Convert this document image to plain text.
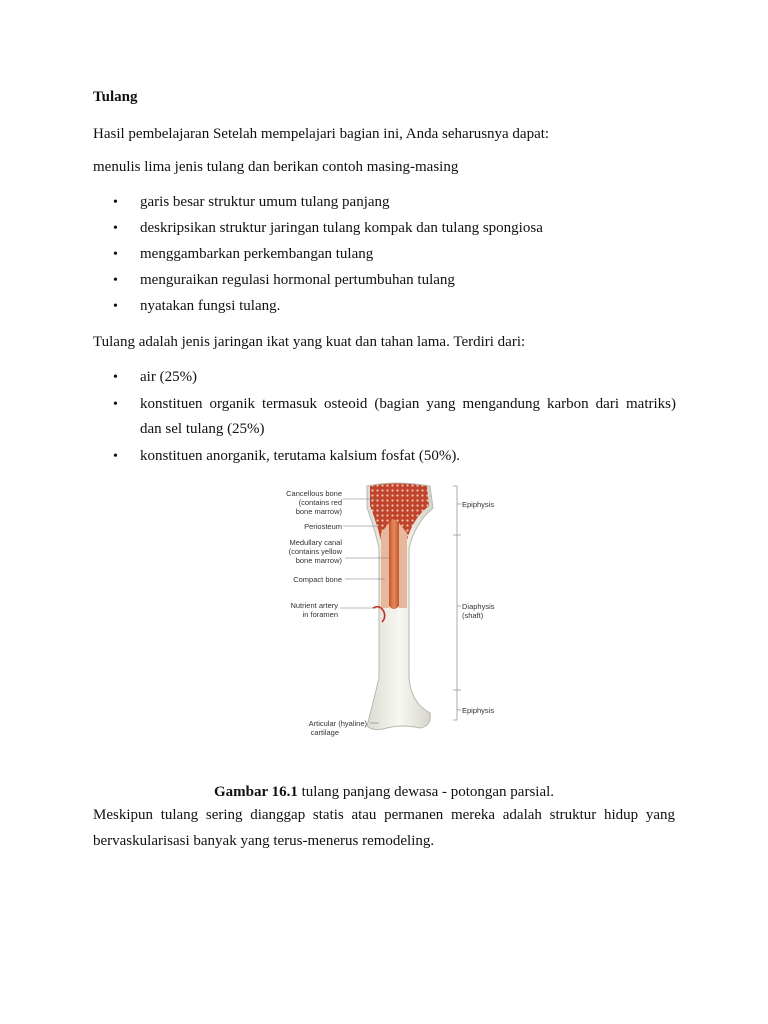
Tulang

Hasil pembelajaran Setelah mempelajari bagian ini, Anda seharusnya dapat:

menulis lima jenis tulang dan berikan contoh masing-masing

• garis besar struktur umum tulang panjang
• deskripsikan struktur jaringan tulang kompak dan tulang spongiosa
• menggambarkan perkembangan tulang
• menguraikan regulasi hormonal pertumbuhan tulang
• nyatakan fungsi tulang.

Tulang adalah jenis jaringan ikat yang kuat dan tahan lama. Terdiri dari:

• air (25%)
• konstituen organik termasuk osteoid (bagian yang mengandung karbon dari matriks)
dan sel tulang (25%)
• konstituen anorganik, terutama kalsium fosfat (50%).
Cancellous bone
(contains red
bone marrow)
Periosteum
Medullary canal
(contains yellow
bone marrow)
Compact bone
Nutrient artery
in foramen
Articular (hyaline)
cartilage
Epiphysis
Diaphysis
(shaft)
Epiphysis

Gambar 16.1 tulang panjang dewasa - potongan parsial.

Meskipun tulang sering dianggap statis atau permanen mereka adalah struktur hidup yang

bervaskularisasi banyak yang terus-menerus remodeling.
